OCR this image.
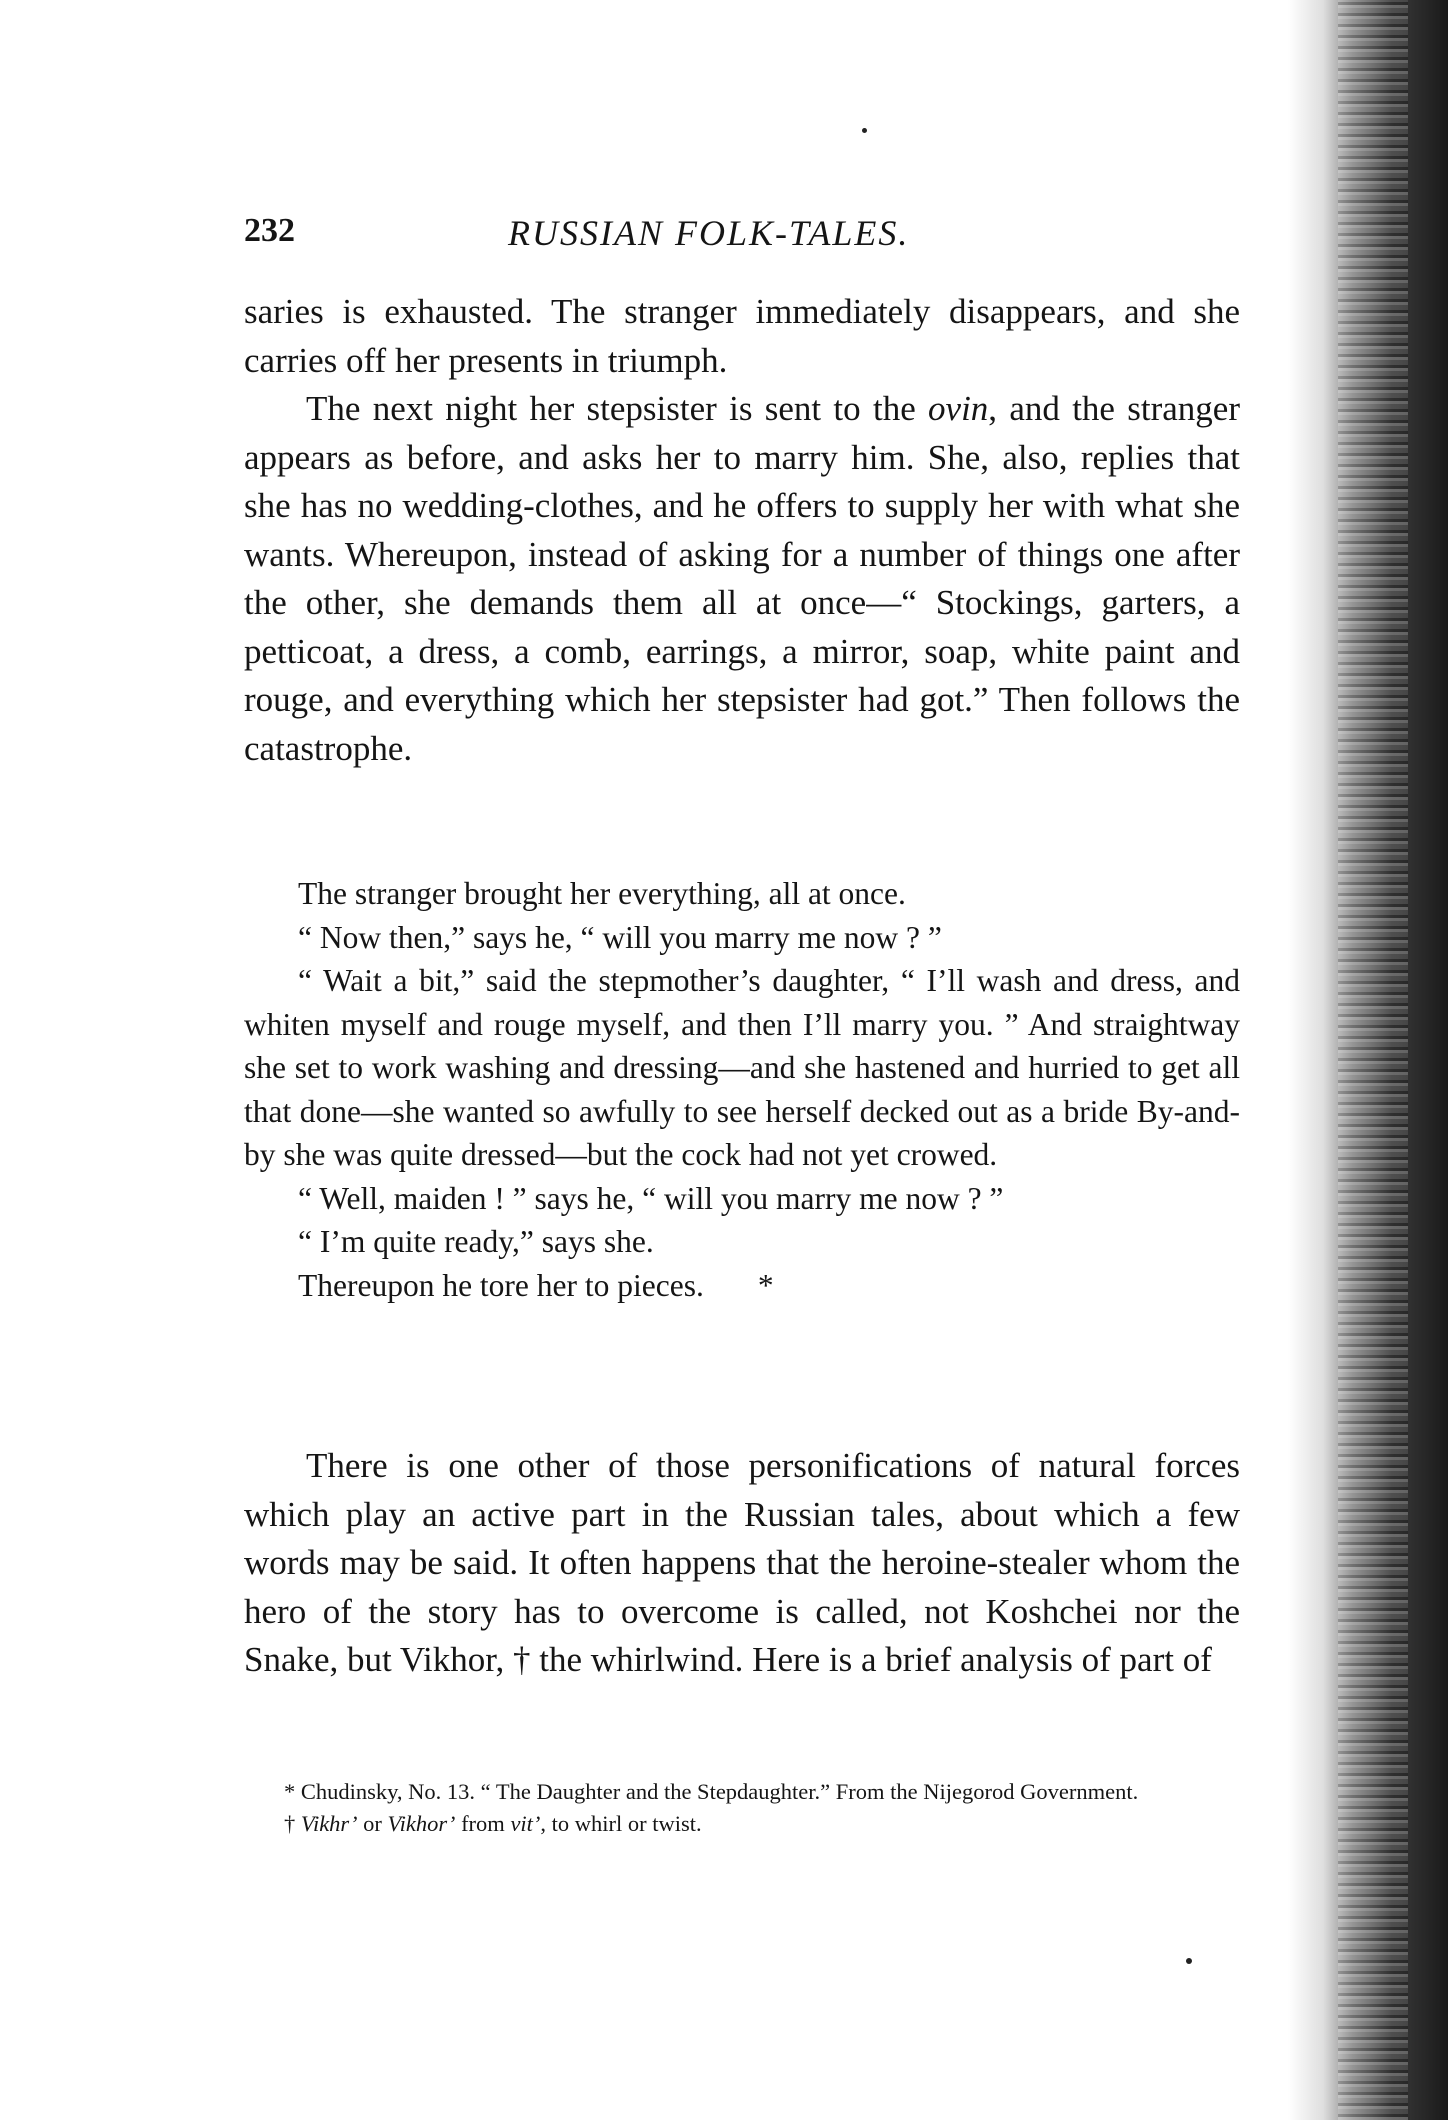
232	RUSSIAN FOLK-TALES.

saries is exhausted. The stranger immediately disappears, and she carries off her presents in triumph.

The next night her stepsister is sent to the ovin, and the stranger appears as before, and asks her to marry him. She, also, replies that she has no wedding-clothes, and he offers to supply her with what she wants. Whereupon, instead of asking for a number of things one after the other, she demands them all at once—“ Stockings, garters, a petticoat, a dress, a comb, earrings, a mirror, soap, white paint and rouge, and everything which her stepsister had got.” Then follows the catastrophe.

The stranger brought her everything, all at once.

“ Now then,” says he, “ will you marry me now ? ”

“ Wait a bit,” said the stepmother’s daughter, “ I’ll wash and dress, and whiten myself and rouge myself, and then I’ll marry you. ” And straightway she set to work washing and dressing—and she hastened and hurried to get all that done—she wanted so awfully to see herself decked out as a bride By-and-by she was quite dressed—but the cock had not yet crowed.

“ Well, maiden ! ” says he, “ will you marry me now ? ”

“ I’m quite ready,” says she.

Thereupon he tore her to pieces. *

There is one other of those personifications of natural forces which play an active part in the Russian tales, about which a few words may be said. It often happens that the heroine-stealer whom the hero of the story has to overcome is called, not Koshchei nor the Snake, but Vikhor, † the whirlwind. Here is a brief analysis of part of

* Chudinsky, No. 13. “ The Daughter and the Stepdaughter.” From the Nijegorod Government.

† Vikhr’ or Vikhor’ from vit’, to whirl or twist.
